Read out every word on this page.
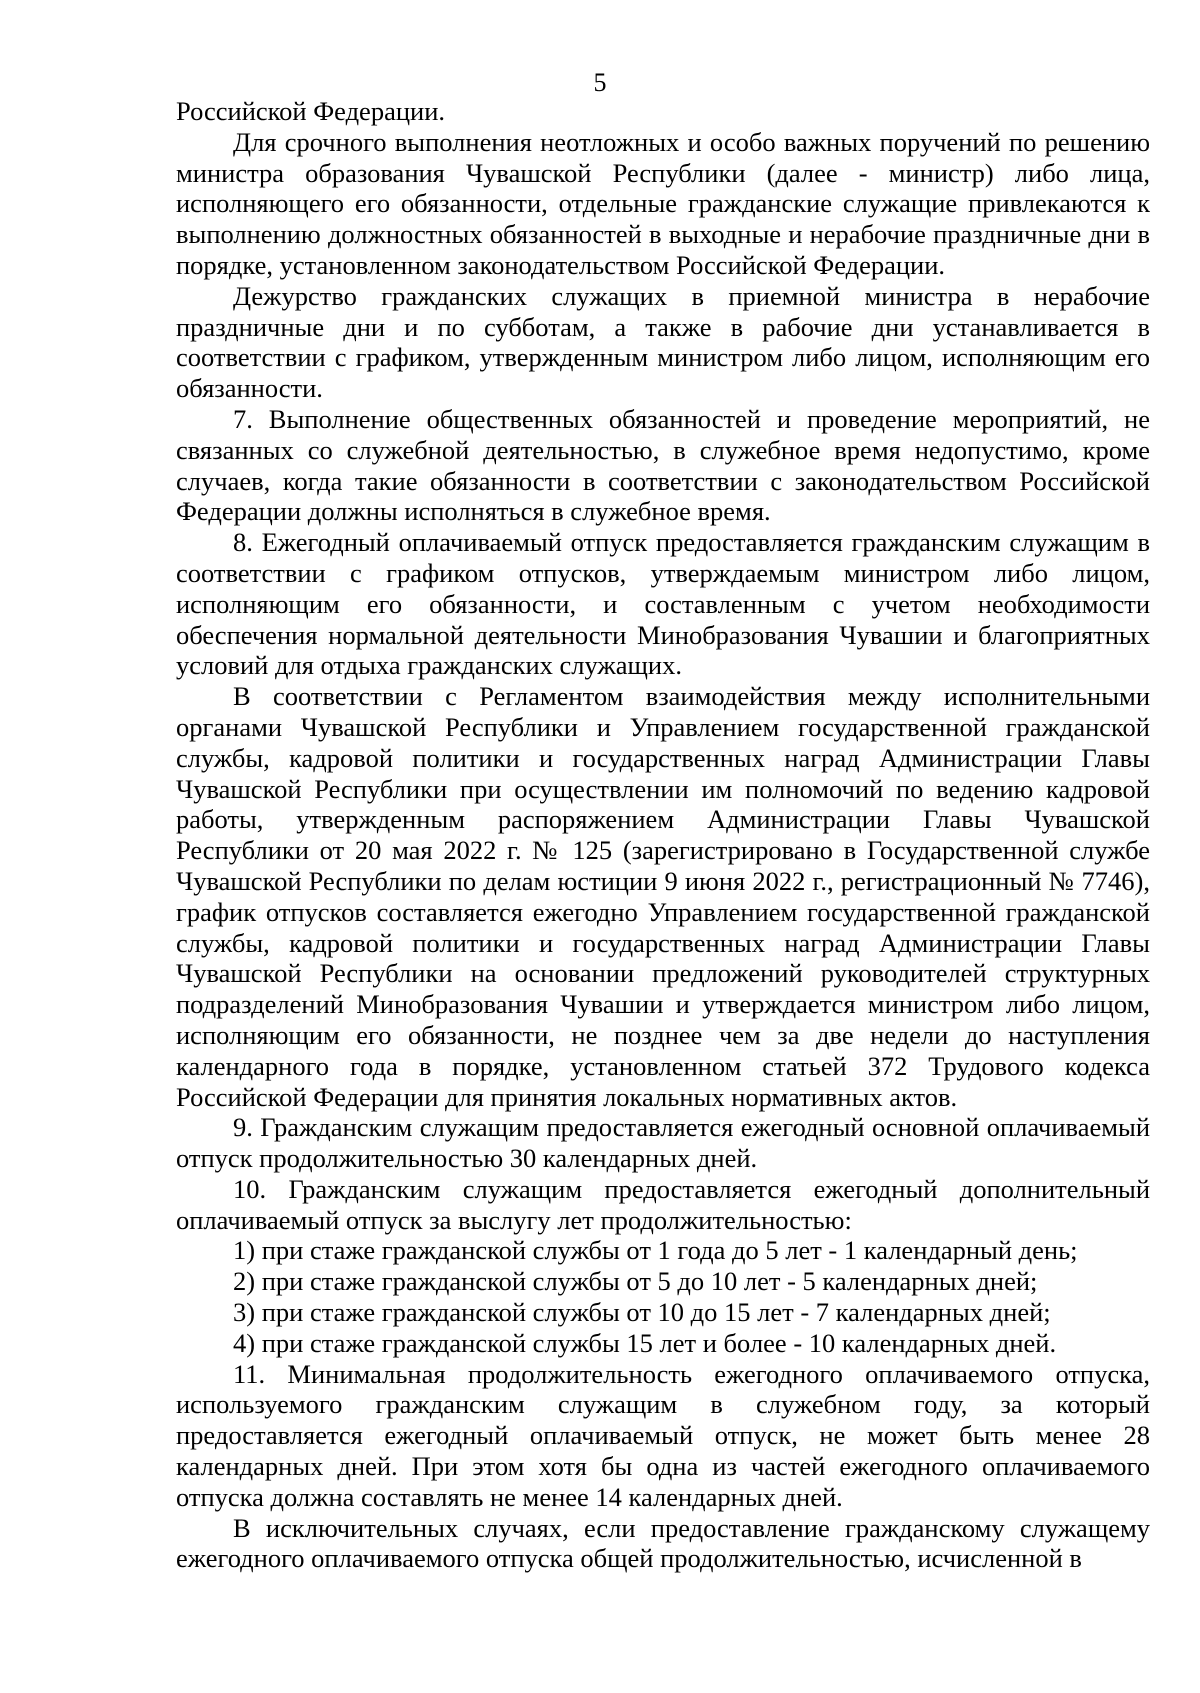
5

Российской Федерации.

Для срочного выполнения неотложных и особо важных поручений по решению министра образования Чувашской Республики (далее - министр) либо лица, исполняющего его обязанности, отдельные гражданские служащие привлекаются к выполнению должностных обязанностей в выходные и нерабочие праздничные дни в порядке, установленном законодательством Российской Федерации.

Дежурство гражданских служащих в приемной министра в нерабочие праздничные дни и по субботам, а также в рабочие дни устанавливается в соответствии с графиком, утвержденным министром либо лицом, исполняющим его обязанности.

7. Выполнение общественных обязанностей и проведение мероприятий, не связанных со служебной деятельностью, в служебное время недопустимо, кроме случаев, когда такие обязанности в соответствии с законодательством Российской Федерации должны исполняться в служебное время.

8. Ежегодный оплачиваемый отпуск предоставляется гражданским служащим в соответствии с графиком отпусков, утверждаемым министром либо лицом, исполняющим его обязанности, и составленным с учетом необходимости обеспечения нормальной деятельности Минобразования Чувашии и благоприятных условий для отдыха гражданских служащих.

В соответствии с Регламентом взаимодействия между исполнительными органами Чувашской Республики и Управлением государственной гражданской службы, кадровой политики и государственных наград Администрации Главы Чувашской Республики при осуществлении им полномочий по ведению кадровой работы, утвержденным распоряжением Администрации Главы Чувашской Республики от 20 мая 2022 г. № 125 (зарегистрировано в Государственной службе Чувашской Республики по делам юстиции 9 июня 2022 г., регистрационный № 7746), график отпусков составляется ежегодно Управлением государственной гражданской службы, кадровой политики и государственных наград Администрации Главы Чувашской Республики на основании предложений руководителей структурных подразделений Минобразования Чувашии и утверждается министром либо лицом, исполняющим его обязанности, не позднее чем за две недели до наступления календарного года в порядке, установленном статьей 372 Трудового кодекса Российской Федерации для принятия локальных нормативных актов.

9. Гражданским служащим предоставляется ежегодный основной оплачиваемый отпуск продолжительностью 30 календарных дней.

10. Гражданским служащим предоставляется ежегодный дополнительный оплачиваемый отпуск за выслугу лет продолжительностью:

1) при стаже гражданской службы от 1 года до 5 лет - 1 календарный день;

2) при стаже гражданской службы от 5 до 10 лет - 5 календарных дней;

3) при стаже гражданской службы от 10 до 15 лет - 7 календарных дней;

4) при стаже гражданской службы 15 лет и более - 10 календарных дней.

11. Минимальная продолжительность ежегодного оплачиваемого отпуска, используемого гражданским служащим в служебном году, за который предоставляется ежегодный оплачиваемый отпуск, не может быть менее 28 календарных дней. При этом хотя бы одна из частей ежегодного оплачиваемого отпуска должна составлять не менее 14 календарных дней.

В исключительных случаях, если предоставление гражданскому служащему ежегодного оплачиваемого отпуска общей продолжительностью, исчисленной в
